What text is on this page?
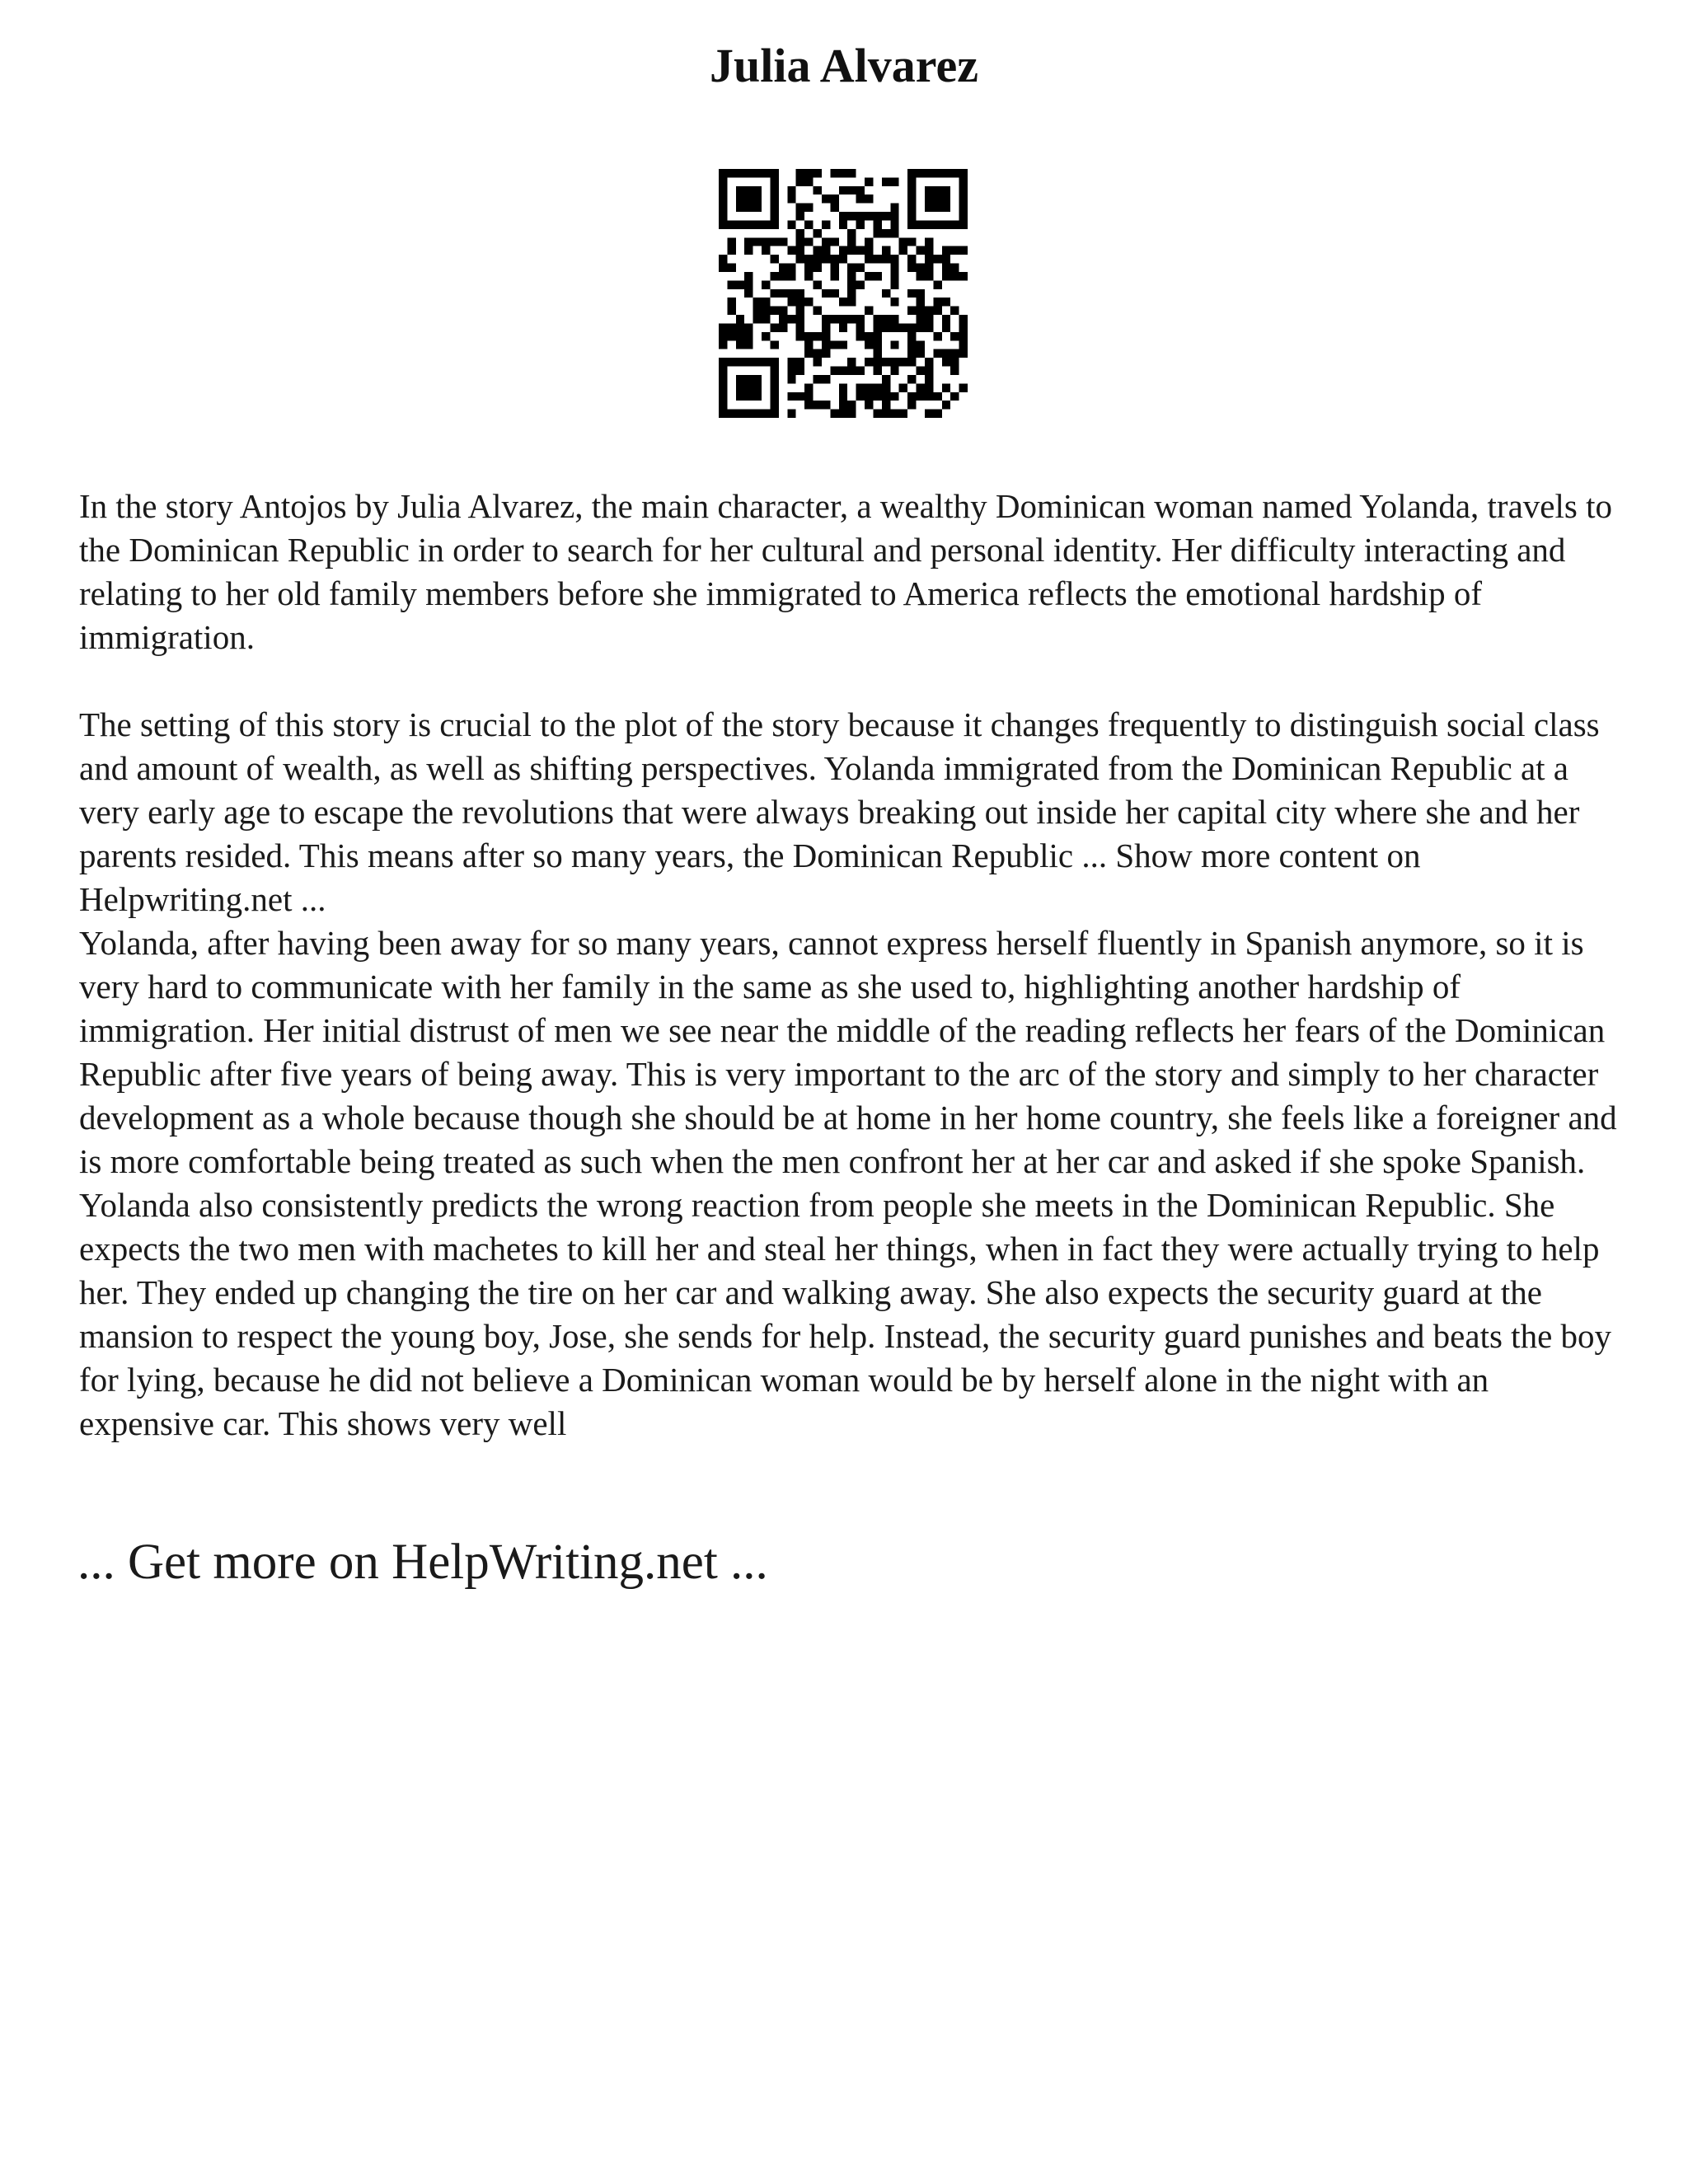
Julia Alvarez

In the story Antojos by Julia Alvarez, the main character, a wealthy Dominican woman named Yolanda, travels to the Dominican Republic in order to search for her cultural and personal identity. Her difficulty interacting and relating to her old family members before she immigrated to America reflects the emotional hardship of immigration.

The setting of this story is crucial to the plot of the story because it changes frequently to distinguish social class and amount of wealth, as well as shifting perspectives. Yolanda immigrated from the Dominican Republic at a very early age to escape the revolutions that were always breaking out inside her capital city where she and her parents resided. This means after so many years, the Dominican Republic ... Show more content on Helpwriting.net ...
Yolanda, after having been away for so many years, cannot express herself fluently in Spanish anymore, so it is very hard to communicate with her family in the same as she used to, highlighting another hardship of immigration. Her initial distrust of men we see near the middle of the reading reflects her fears of the Dominican Republic after five years of being away. This is very important to the arc of the story and simply to her character development as a whole because though she should be at home in her home country, she feels like a foreigner and is more comfortable being treated as such when the men confront her at her car and asked if she spoke Spanish. Yolanda also consistently predicts the wrong reaction from people she meets in the Dominican Republic. She expects the two men with machetes to kill her and steal her things, when in fact they were actually trying to help her. They ended up changing the tire on her car and walking away. She also expects the security guard at the mansion to respect the young boy, Jose, she sends for help. Instead, the security guard punishes and beats the boy for lying, because he did not believe a Dominican woman would be by herself alone in the night with an expensive car. This shows very well

... Get more on HelpWriting.net ...
